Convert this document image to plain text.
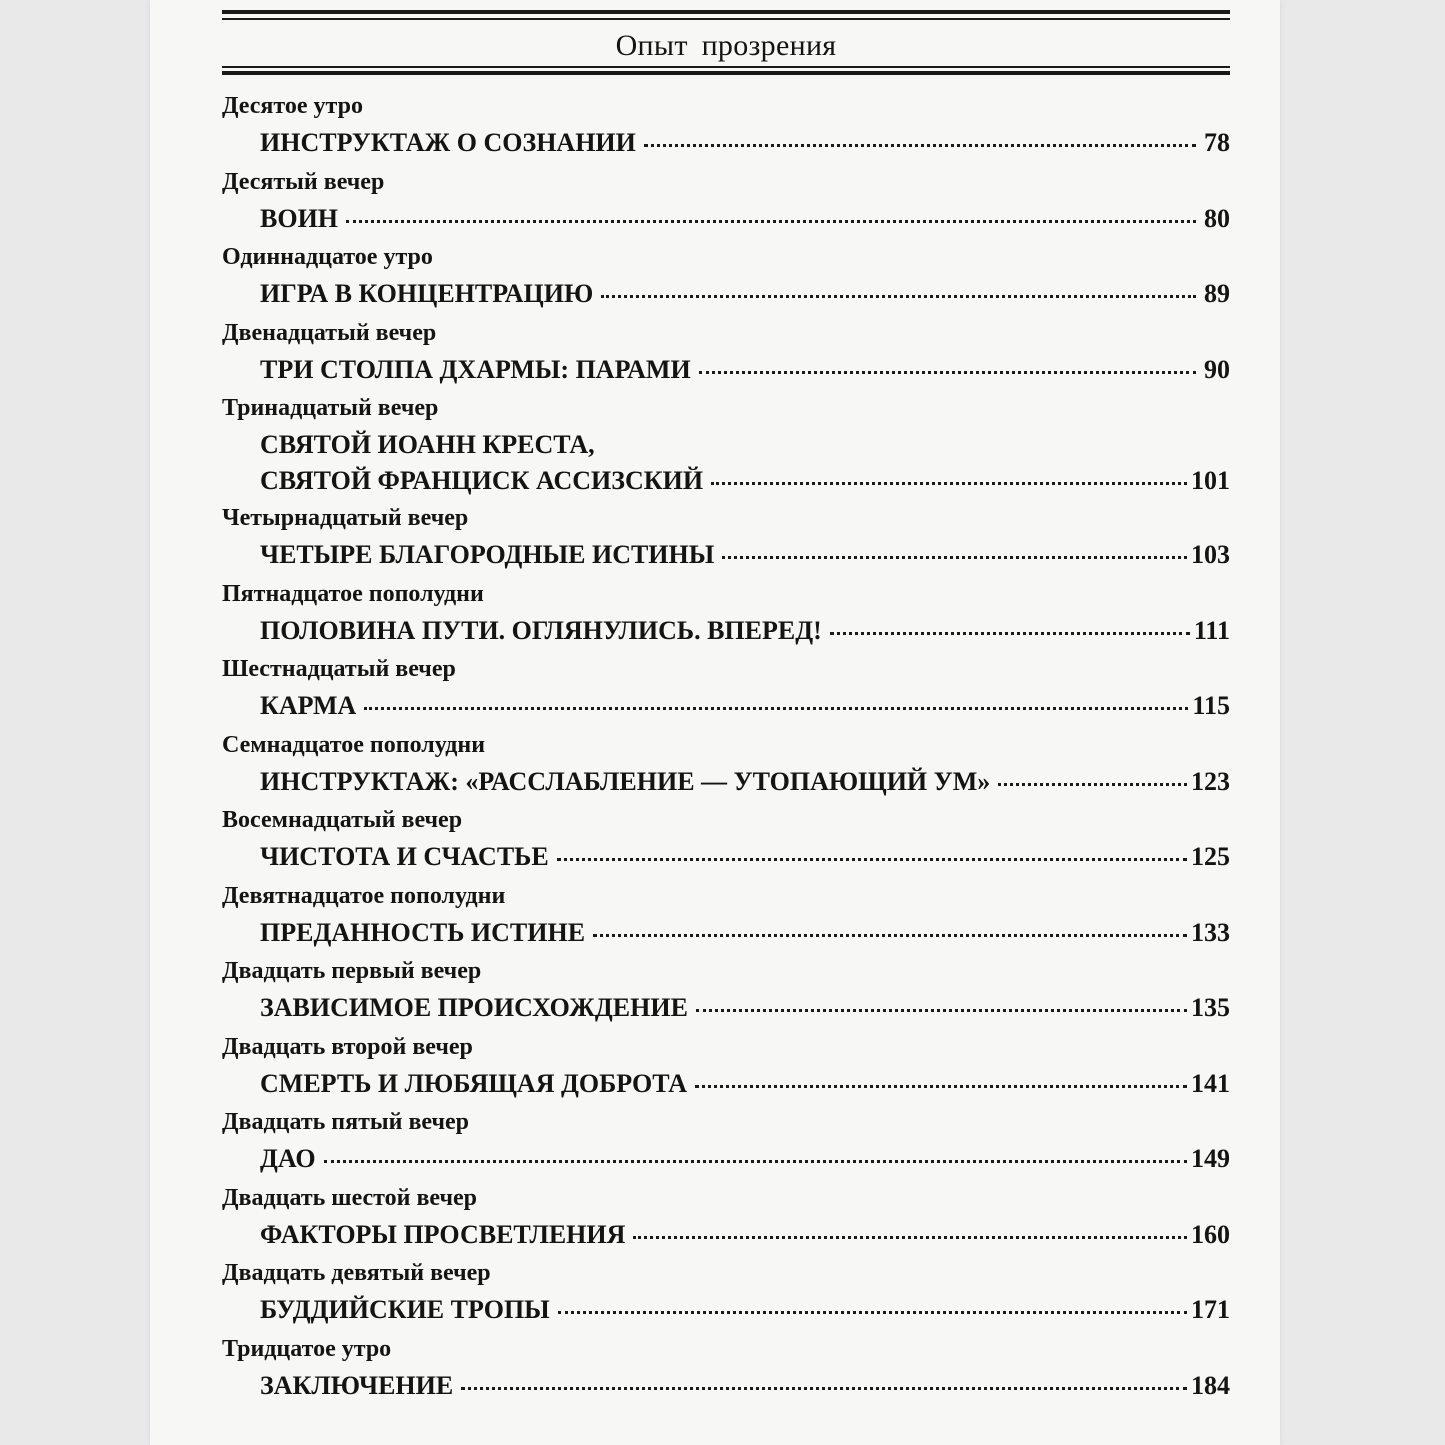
Опыт прозрения
Десятое утро
ИНСТРУКТАЖ О СОЗНАНИИ	78
Десятый вечер
ВОИН	80
Одиннадцатое утро
ИГРА В КОНЦЕНТРАЦИЮ	89
Двенадцатый вечер
ТРИ СТОЛПА ДХАРМЫ: ПАРАМИ	90
Тринадцатый вечер
СВЯТОЙ ИОАНН КРЕСТА,
СВЯТОЙ ФРАНЦИСК АССИЗСКИЙ	101
Четырнадцатый вечер
ЧЕТЫРЕ БЛАГОРОДНЫЕ ИСТИНЫ	103
Пятнадцатое пополудни
ПОЛОВИНА ПУТИ. ОГЛЯНУЛИСЬ. ВПЕРЕД!	111
Шестнадцатый вечер
КАРМА	115
Семнадцатое пополудни
ИНСТРУКТАЖ: «РАССЛАБЛЕНИЕ — УТОПАЮЩИЙ УМ»	123
Восемнадцатый вечер
ЧИСТОТА И СЧАСТЬЕ	125
Девятнадцатое пополудни
ПРЕДАННОСТЬ ИСТИНЕ	133
Двадцать первый вечер
ЗАВИСИМОЕ ПРОИСХОЖДЕНИЕ	135
Двадцать второй вечер
СМЕРТЬ И ЛЮБЯЩАЯ ДОБРОТА	141
Двадцать пятый вечер
ДАО	149
Двадцать шестой вечер
ФАКТОРЫ ПРОСВЕТЛЕНИЯ	160
Двадцать девятый вечер
БУДДИЙСКИЕ ТРОПЫ	171
Тридцатое утро
ЗАКЛЮЧЕНИЕ	184
